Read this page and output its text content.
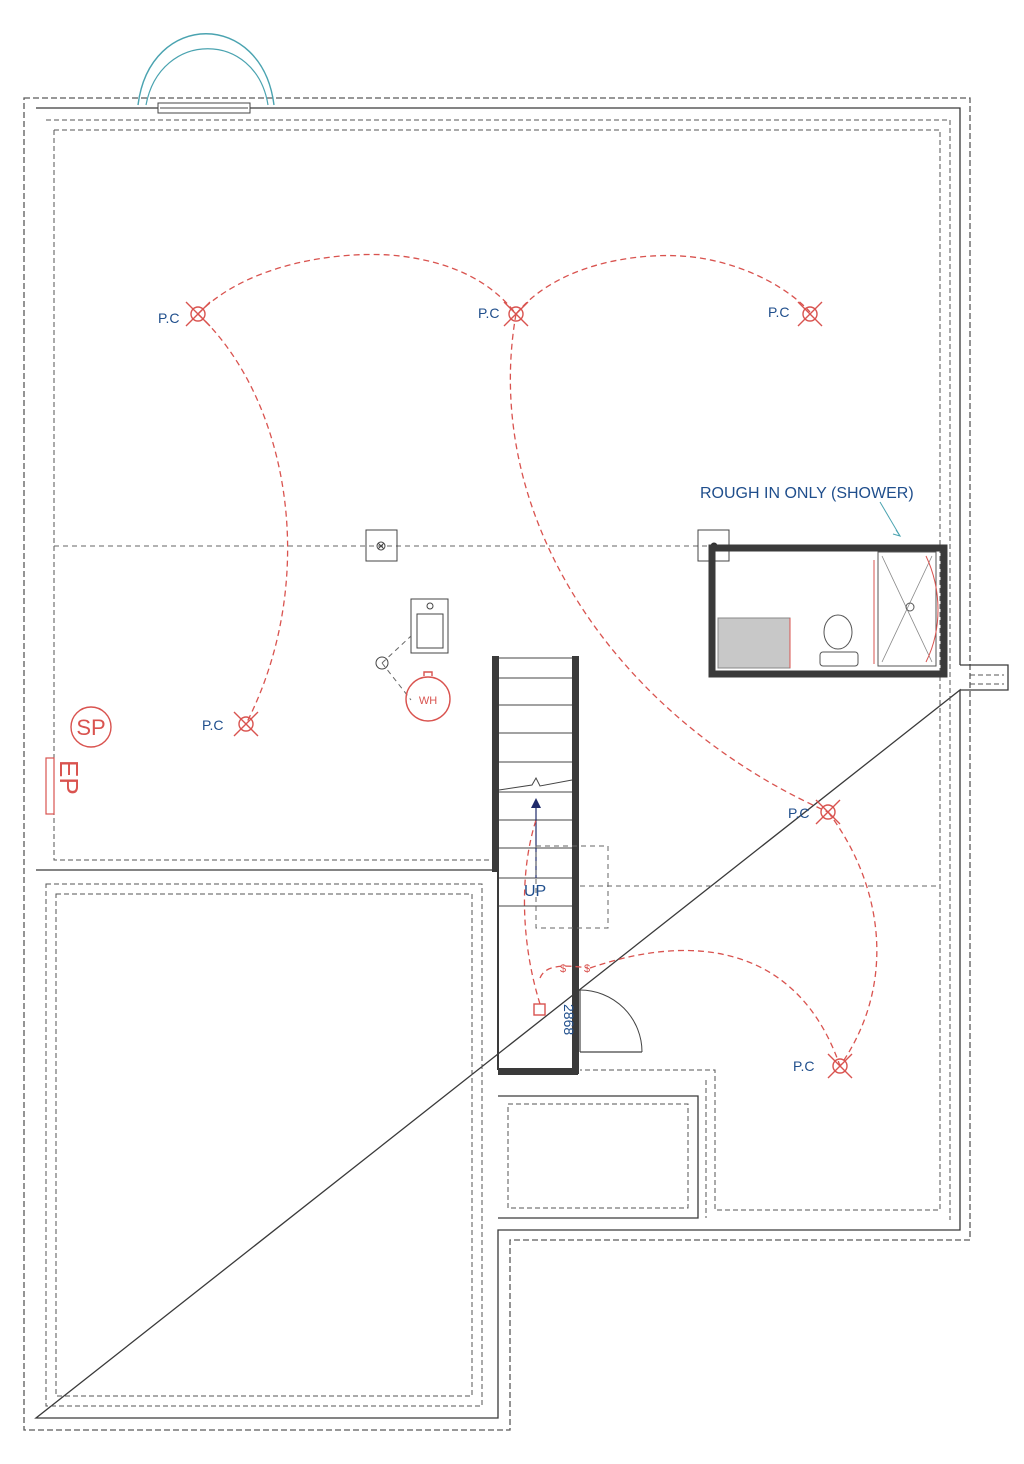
ROUGH IN ONLY (SHOWER)
WH
SP
EP
UP
2868
$ $
P.C	P.C	P.C
P.C
P.C
P.C
